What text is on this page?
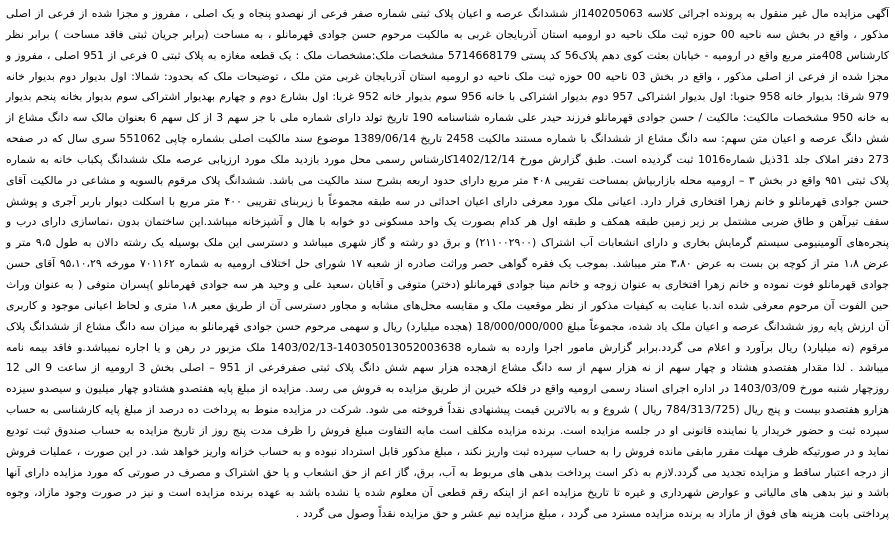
آگهی مزایده مال غیر منقول به پرونده اجرائی کلاسه 140205063از ششدانگ عرصه و اعیان پلاک ثبتی شماره صفر فرعی از نهصدو پنجاه و یک اصلی ، مفروز و مجزا شده از فرعی از اصلی مذکور ، واقع در بخش سه ناحیه 00 حوزه ثبت ملک ناحیه دو ارومیه استان آذربایجان غربی به مالکیت مرحوم حسن جوادی قهرمانلو ، به مساحت (برابر جریان ثبتی فاقد مساحت ) برابر نظر کارشناس 408متر مربع واقع در ارومیه - خیابان بعثت کوی دهم پلاک56 کد پستی 5714668179 مشخصات ملک:مشخصات ملک : یک قطعه مغازه به پلاک ثبتی 0 فرعی از 951 اصلی ، مفروز و مجزا شده از فرعی از اصلی مذکور ، واقع در بخش 03 ناحیه 00 حوزه ثبت ملک ناحیه دو ارومیه استان آذربایجان غربی متن ملک ، توضیحات ملک که بحدود: شمالا: اول بدیوار دوم بدیوار خانه 979 شرقا: بدیوار خانه 958 جنوبا: اول بدیوار اشتراکی 957 دوم بدیوار اشتراکی با خانه 956 سوم بدیوار خانه 952 غربا: اول بشارع دوم و چهارم بهدیوار اشتراکی سوم بدیوار بخانه پنجم بدیوار به خانه 950 مشخصات مالکیت: مالکیت / حسن جوادی قهرمانلو فرزند حیدر علی شماره شناسنامه 190 تاریخ تولد دارای شماره ملی با جز سهم 3 از کل سهم 6 بعنوان مالک سه دانگ مشاع از شش دانگ عرصه و اعیان متن سهم: سه دانگ مشاع از ششدانگ با شماره مستند مالکیت 2458 تاریخ 1389/06/14 موضوع سند مالکیت اصلی بشماره چاپی 551062 سری سال که در صفحه 273 دفتر املاک جلد 31ذیل شماره1016 ثبت گردیده است. طبق گزارش مورخ 1402/12/14کارشناس رسمی محل مورد بازدید ملک مورد ارزیابی عرصه ملک ششدانگ پکباب خانه به شماره پلاک ثبتی ۹۵۱ واقع در بخش ۳ – ارومیه محله بازاربیاش بمساحت تقریبی ۴۰۸ متر مربع دارای حدود اربعه بشرح سند مالکیت می باشد. ششدانگ پلاک مرقوم بالسویه و مشاعی در مالکیت آقای حسن جوادی قهرمانلو و خانم زهرا افتخاری قرار دارد. اعیانی ملک مورد معرفی دارای اعیان احداثی در سه طبقه مجموعاً با زیربنای تقریبی ۴۰۰ متر مربع با اسکلت دیوار باربر آجری و پوشش سقف تیرآهن و طاق ضربی مشتمل بر زیر زمین طبقه همکف و طبقه اول هر کدام بصورت یک واحد مسکونی دو خوابه با هال و آشپزخانه میباشد.این ساختمان بدون ،نماسازی دارای درب و پنجره‌های آلومینیومی سیستم گرمایش بخاری و دارای انشعابات آب اشتراک (۲۱۱۰۰۲۹۰۰) و برق دو رشته و گاز شهری میباشد و دسترسی این ملک بوسیله یک رشته دالان به طول ۹،۵ متر و عرض ۱،۸ متر از کوچه بن بست به عرض ۳،۸۰ متر میباشد. بموجب یک فقره گواهی حصر وراثت صادره از شعبه ۱۷ شورای حل اختلاف ارومیه به شماره ۷۰۱۱۶۲ مورخه ۹۵،۱۰،۲۹ آقای حسن جوادی قهرمانلو فوت نموده و خانم زهرا افتخاری به عنوان زوجه و خانم مینا جوادی قهرمانلو (دختر) متوفی و آقایان ،سعید علی و وحید هر سه جوادی قهرمانلو )پسران متوفی ( به عنوان وراث حین الفوت آن مرحوم معرفی شده اند.با عنایت به کیفیات مذکور از نظر موقعیت ملک و مقایسه محل‌های مشابه و مجاور دسترسی آن از طریق معبر ۱،۸ متری و لحاظ اعیانی موجود و کاربری آن ارزش پایه روز ششدانگ عرصه و اعیان ملک یاد شده، مجموعاً مبلغ 18/000/000/000 (هجده میلیارد) ریال و سهمی مرحوم حسن جوادی قهرمانلو به میزان سه دانگ مشاع از ششدانگ پلاک مرقوم (نه میلیارد) ریال برآورد و اعلام می گردد.برابر گزارش مامور اجرا وارده به شماره 140305013052003638-1403/02/13 ملک مزبور در رهن و یا اجاره نمیباشد.و فاقد بیمه نامه میباشد . لذا مقدار هفتصدو هشتاد و چهار سهم از نه هزار سهم از سه دانگ مشاع ازهجده هزار سهم شش دانگ پلاک ثبتی صفرفرعی از 951 – اصلی بخش 3 ارومیه از ساعت 9 الی 12 روزچهار شنبه مورخ 1403/03/09 در اداره اجرای اسناد رسمی ارومیه واقع در فلکه خیرین از طریق مزایده به فروش می رسد. مزایده از مبلغ پایه هفتصدو هشتادو چهار میلیون و سیصدو سیزده هزارو هفتصدو بیست و پنج ریال (784/313/725 ریال ) شروع و به بالاترین قیمت پیشنهادی نقداً فروخته می شود. شرکت در مزایده منوط به پرداخت ده درصد از مبلغ پایه کارشناسی به حساب سپرده ثبت و حضور خریدار یا نماینده قانونی او در جلسه مزایده است. برنده مزایده مکلف است مابه التفاوت مبلغ فروش را ظرف مدت پنج روز از تاریخ مزایده به حساب صندوق ثبت تودیع نماید و در صورتیکه ظرف مهلت مقرر مابقی مانده فروش را به حساب سپرده ثبت واریز نکند ، مبلغ مذکور قابل استرداد نبوده و به حساب خزانه واریز خواهد شد. در این صورت ، عملیات فروش از درجه اعتبار ساقط و مزایده تجدید می گردد.لازم به ذکر است پرداخت بدهی های مربوط به آب، برق، گاز اعم از حق انشعاب و یا حق اشتراک و مصرف در صورتی که مورد مزایده دارای آنها باشد و نیز بدهی های مالیاتی و عوارض شهرداری و غیره تا تاریخ مزایده اعم از اینکه رقم قطعی آن معلوم شده یا نشده باشد به عهده برنده مزایده است و نیز در صورت وجود مازاد، وجوه پرداختی بابت هزینه های فوق از مازاد به برنده مزایده مسترد می گردد ، مبلغ مزایده نیم عشر و حق مزایده نقداً وصول می گردد .
